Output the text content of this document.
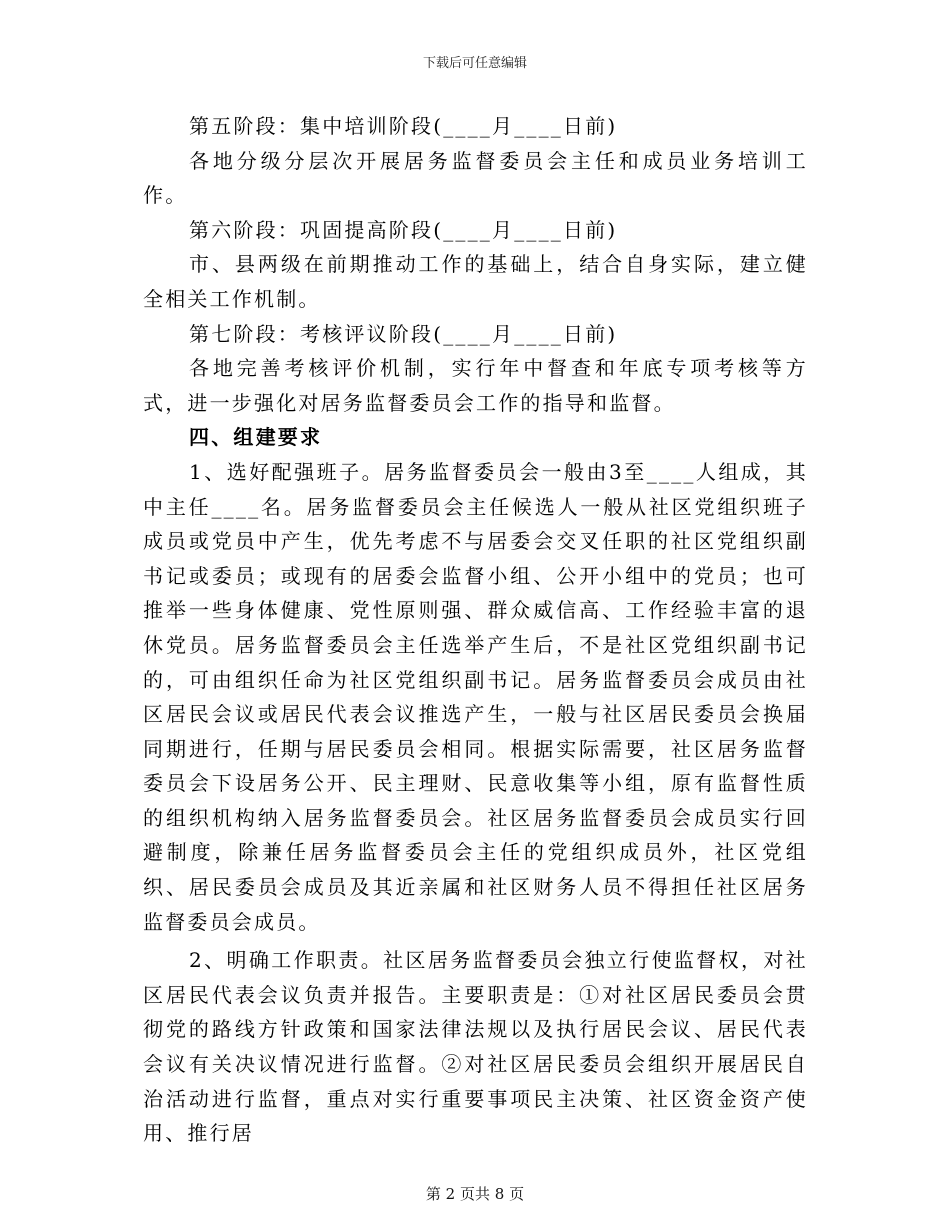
下载后可任意编辑

第五阶段：集中培训阶段(____月____日前)

各地分级分层次开展居务监督委员会主任和成员业务培训工作。

第六阶段：巩固提高阶段(____月____日前)

市、县两级在前期推动工作的基础上，结合自身实际，建立健全相关工作机制。

第七阶段：考核评议阶段(____月____日前)

各地完善考核评价机制，实行年中督查和年底专项考核等方式，进一步强化对居务监督委员会工作的指导和监督。

四、组建要求

1、选好配强班子。居务监督委员会一般由3至____人组成，其中主任____名。居务监督委员会主任候选人一般从社区党组织班子成员或党员中产生，优先考虑不与居委会交叉任职的社区党组织副书记或委员；或现有的居委会监督小组、公开小组中的党员；也可推举一些身体健康、党性原则强、群众威信高、工作经验丰富的退休党员。居务监督委员会主任选举产生后，不是社区党组织副书记的，可由组织任命为社区党组织副书记。居务监督委员会成员由社区居民会议或居民代表会议推选产生，一般与社区居民委员会换届同期进行，任期与居民委员会相同。根据实际需要，社区居务监督委员会下设居务公开、民主理财、民意收集等小组，原有监督性质的组织机构纳入居务监督委员会。社区居务监督委员会成员实行回避制度，除兼任居务监督委员会主任的党组织成员外，社区党组织、居民委员会成员及其近亲属和社区财务人员不得担任社区居务监督委员会成员。

2、明确工作职责。社区居务监督委员会独立行使监督权，对社区居民代表会议负责并报告。主要职责是：①对社区居民委员会贯彻党的路线方针政策和国家法律法规以及执行居民会议、居民代表会议有关决议情况进行监督。②对社区居民委员会组织开展居民自治活动进行监督，重点对实行重要事项民主决策、社区资金资产使用、推行居

第 2 页共 8 页
